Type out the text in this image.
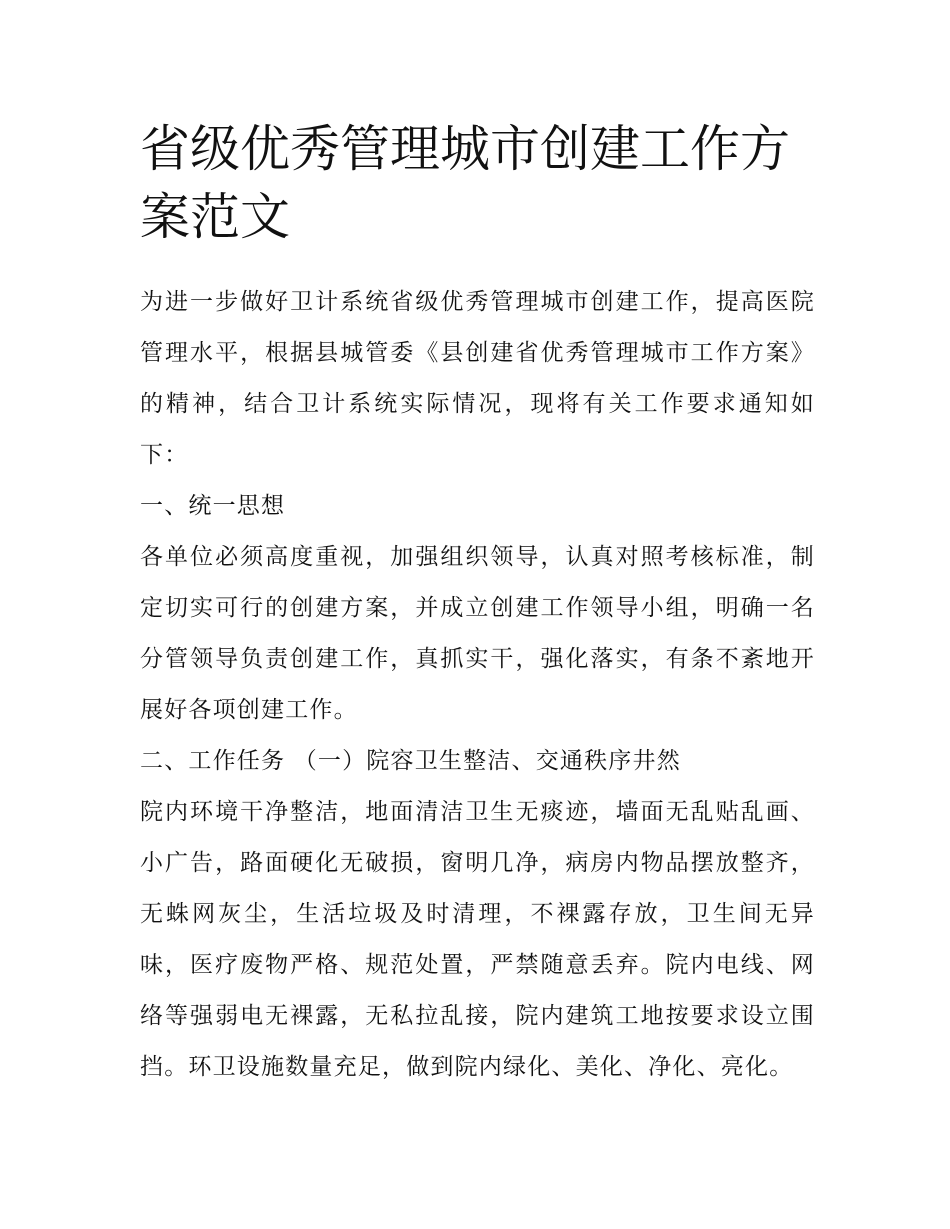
省级优秀管理城市创建工作方案范文

为进一步做好卫计系统省级优秀管理城市创建工作，提高医院管理水平，根据县城管委《县创建省优秀管理城市工作方案》的精神，结合卫计系统实际情况，现将有关工作要求通知如下：

一、统一思想

各单位必须高度重视，加强组织领导，认真对照考核标准，制定切实可行的创建方案，并成立创建工作领导小组，明确一名分管领导负责创建工作，真抓实干，强化落实，有条不紊地开展好各项创建工作。

二、工作任务 （一）院容卫生整洁、交通秩序井然

院内环境干净整洁，地面清洁卫生无痰迹，墙面无乱贴乱画、小广告，路面硬化无破损，窗明几净，病房内物品摆放整齐，无蛛网灰尘，生活垃圾及时清理，不裸露存放，卫生间无异味，医疗废物严格、规范处置，严禁随意丢弃。院内电线、网络等强弱电无裸露，无私拉乱接，院内建筑工地按要求设立围挡。环卫设施数量充足，做到院内绿化、美化、净化、亮化。
